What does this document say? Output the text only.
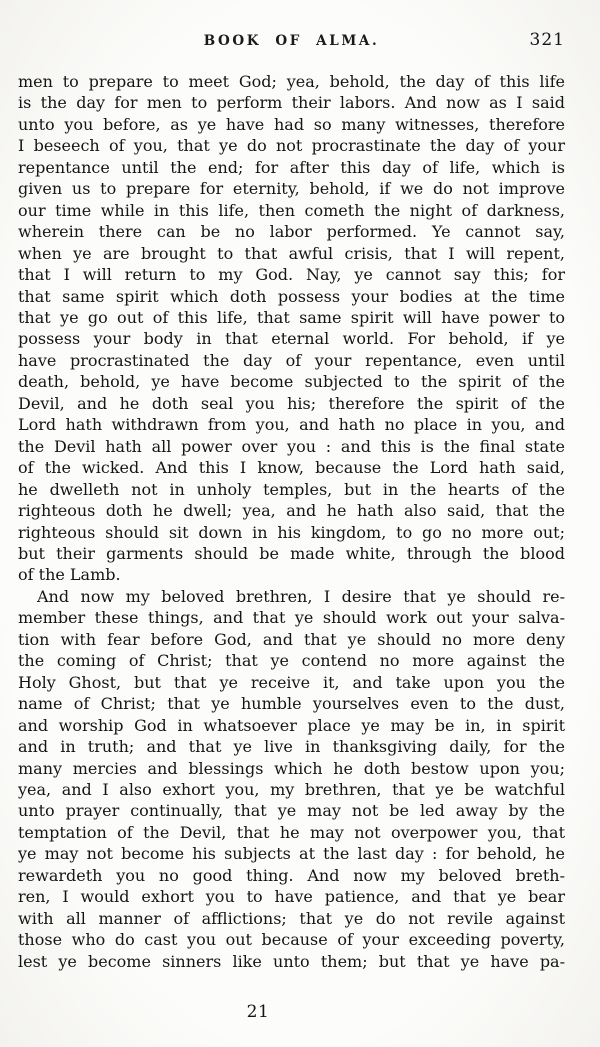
BOOK OF ALMA.	321
men to prepare to meet God; yea, behold, the day of this life
is the day for men to perform their labors. And now as I said
unto you before, as ye have had so many witnesses, therefore
I beseech of you, that ye do not procrastinate the day of your
repentance until the end; for after this day of life, which is
given us to prepare for eternity, behold, if we do not improve
our time while in this life, then cometh the night of darkness,
wherein there can be no labor performed. Ye cannot say,
when ye are brought to that awful crisis, that I will repent,
that I will return to my God. Nay, ye cannot say this; for
that same spirit which doth possess your bodies at the time
that ye go out of this life, that same spirit will have power to
possess your body in that eternal world. For behold, if ye
have procrastinated the day of your repentance, even until
death, behold, ye have become subjected to the spirit of the
Devil, and he doth seal you his; therefore the spirit of the
Lord hath withdrawn from you, and hath no place in you, and
the Devil hath all power over you : and this is the final state
of the wicked. And this I know, because the Lord hath said,
he dwelleth not in unholy temples, but in the hearts of the
righteous doth he dwell; yea, and he hath also said, that the
righteous should sit down in his kingdom, to go no more out;
but their garments should be made white, through the blood
of the Lamb.
And now my beloved brethren, I desire that ye should re-
member these things, and that ye should work out your salva-
tion with fear before God, and that ye should no more deny
the coming of Christ; that ye contend no more against the
Holy Ghost, but that ye receive it, and take upon you the
name of Christ; that ye humble yourselves even to the dust,
and worship God in whatsoever place ye may be in, in spirit
and in truth; and that ye live in thanksgiving daily, for the
many mercies and blessings which he doth bestow upon you;
yea, and I also exhort you, my brethren, that ye be watchful
unto prayer continually, that ye may not be led away by the
temptation of the Devil, that he may not overpower you, that
ye may not become his subjects at the last day : for behold, he
rewardeth you no good thing. And now my beloved breth-
ren, I would exhort you to have patience, and that ye bear
with all manner of afflictions; that ye do not revile against
those who do cast you out because of your exceeding poverty,
lest ye become sinners like unto them; but that ye have pa-
21
